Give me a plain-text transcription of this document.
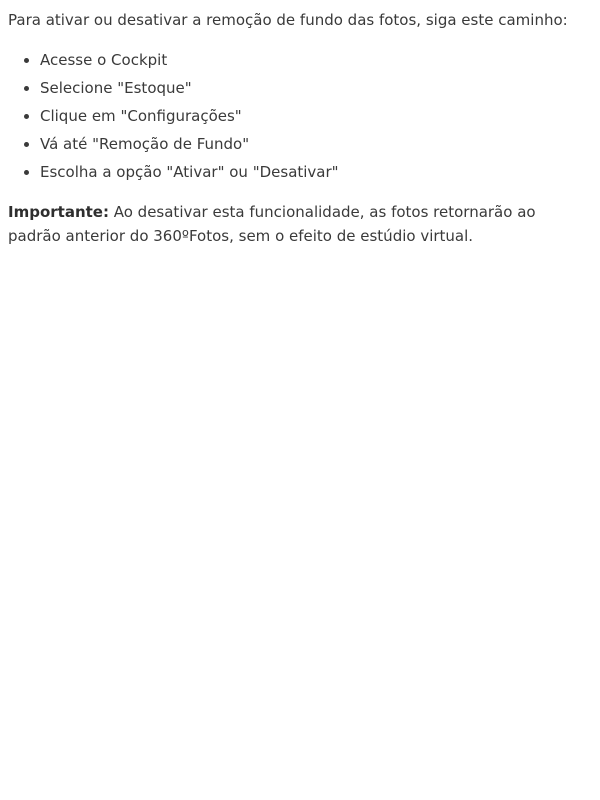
Para ativar ou desativar a remoção de fundo das fotos, siga este caminho:

• Acesse o Cockpit
• Selecione "Estoque"
• Clique em "Configurações"
• Vá até "Remoção de Fundo"
• Escolha a opção "Ativar" ou "Desativar"

Importante: Ao desativar esta funcionalidade, as fotos retornarão ao padrão anterior do 360ºFotos, sem o efeito de estúdio virtual.
